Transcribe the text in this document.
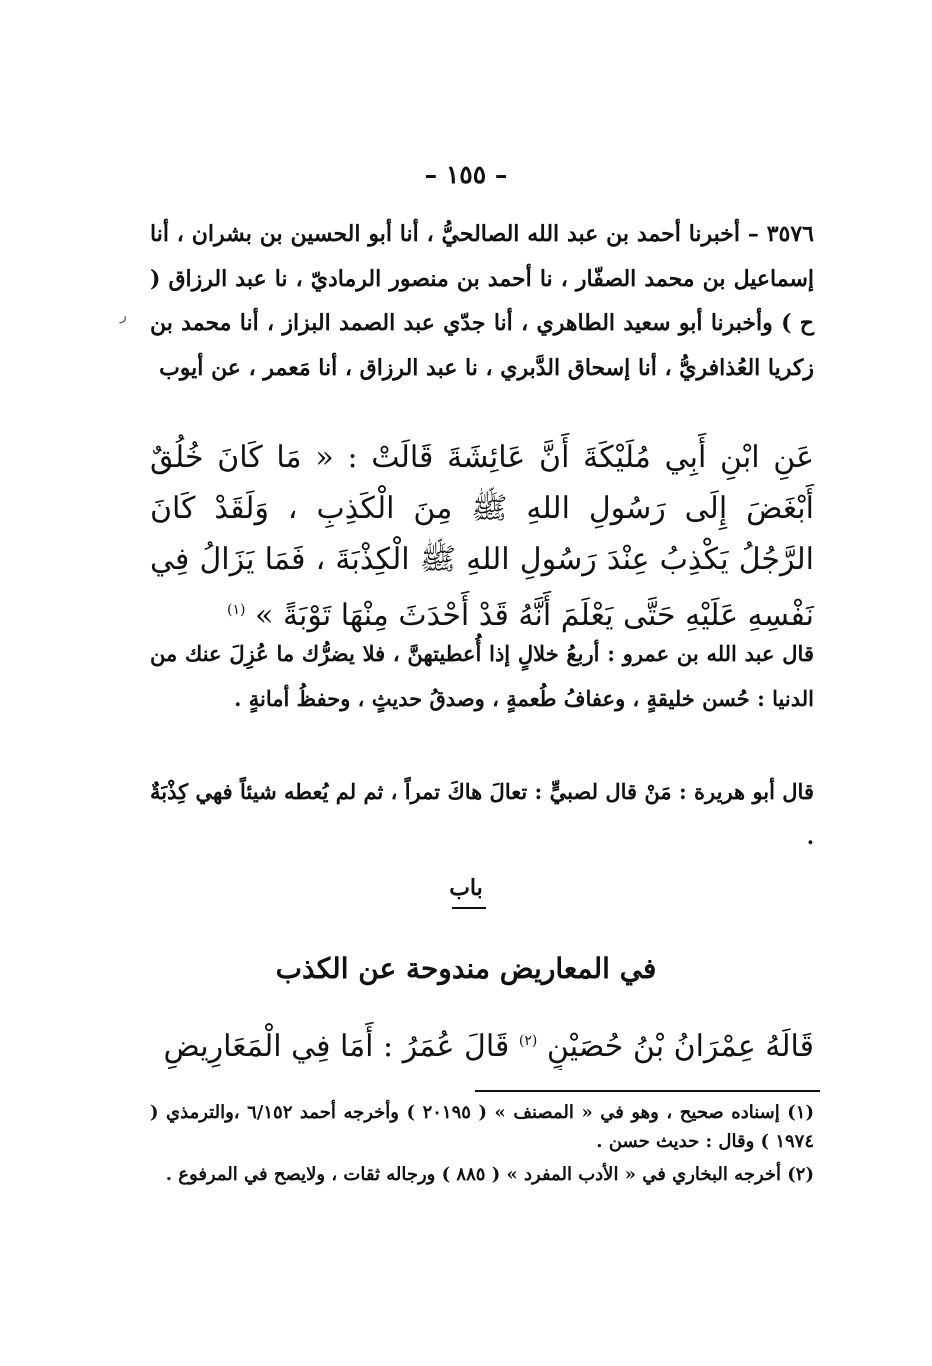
– ١٥٥ –
٣٥٧٦ – أخبرنا أحمد بن عبد الله الصالحيُّ ، أنا أبو الحسين بن بشران ، أنا إسماعيل بن محمد الصفّار ، نا أحمد بن منصور الرماديّ ، نا عبد الرزاق ( ح ) وأخبرنا أبو سعيد الطاهري ، أنا جدّي عبد الصمد البزاز ، أنا محمد بن زكريا العُذافريُّ ، أنا إسحاق الدَّبري ، نا عبد الرزاق ، أنا مَعمر ، عن أيوب
ر
عَنِ ابْنِ أَبِي مُلَيْكَةَ أَنَّ عَائِشَةَ قَالَتْ : « مَا كَانَ خُلُقٌ أَبْغَضَ إِلَى رَسُولِ اللهِ ﷺ مِنَ الْكَذِبِ ، وَلَقَدْ كَانَ الرَّجُلُ يَكْذِبُ عِنْدَ رَسُولِ اللهِ ﷺ الْكِذْبَةَ ، فَمَا يَزَالُ فِي نَفْسِهِ عَلَيْهِ حَتَّى يَعْلَمَ أَنَّهُ قَدْ أَحْدَثَ مِنْهَا تَوْبَةً » $^{(١)}$
قال عبد الله بن عمرو : أربعُ خلالٍ إذا أُعطيتهنَّ ، فلا يضرُّك ما عُزِلَ عنك من الدنيا : حُسن خليقةٍ ، وعفافُ طُعمةٍ ، وصدقُ حديثٍ ، وحفظُ أمانةٍ .
قال أبو هريرة : مَنْ قال لصبيٍّ : تعالَ هاكَ تمراً ، ثم لم يُعطه شيئاً فهي كِذْبَةٌ .
باب
في المعاريض مندوحة عن الكذب
قَالَهُ عِمْرَانُ بْنُ حُصَيْنٍ $^{(٢)}$ قَالَ عُمَرُ : أَمَا فِي الْمَعَارِيضِ
(١) إسناده صحيح ، وهو في « المصنف » ( ٢٠١٩٥ ) وأخرجه أحمد ٦/١٥٢ ،والترمذي ( ١٩٧٤ ) وقال : حديث حسن .
(٢) أخرجه البخاري في « الأدب المفرد » ( ٨٨٥ ) ورجاله ثقات ، ولايصح في المرفوع .
